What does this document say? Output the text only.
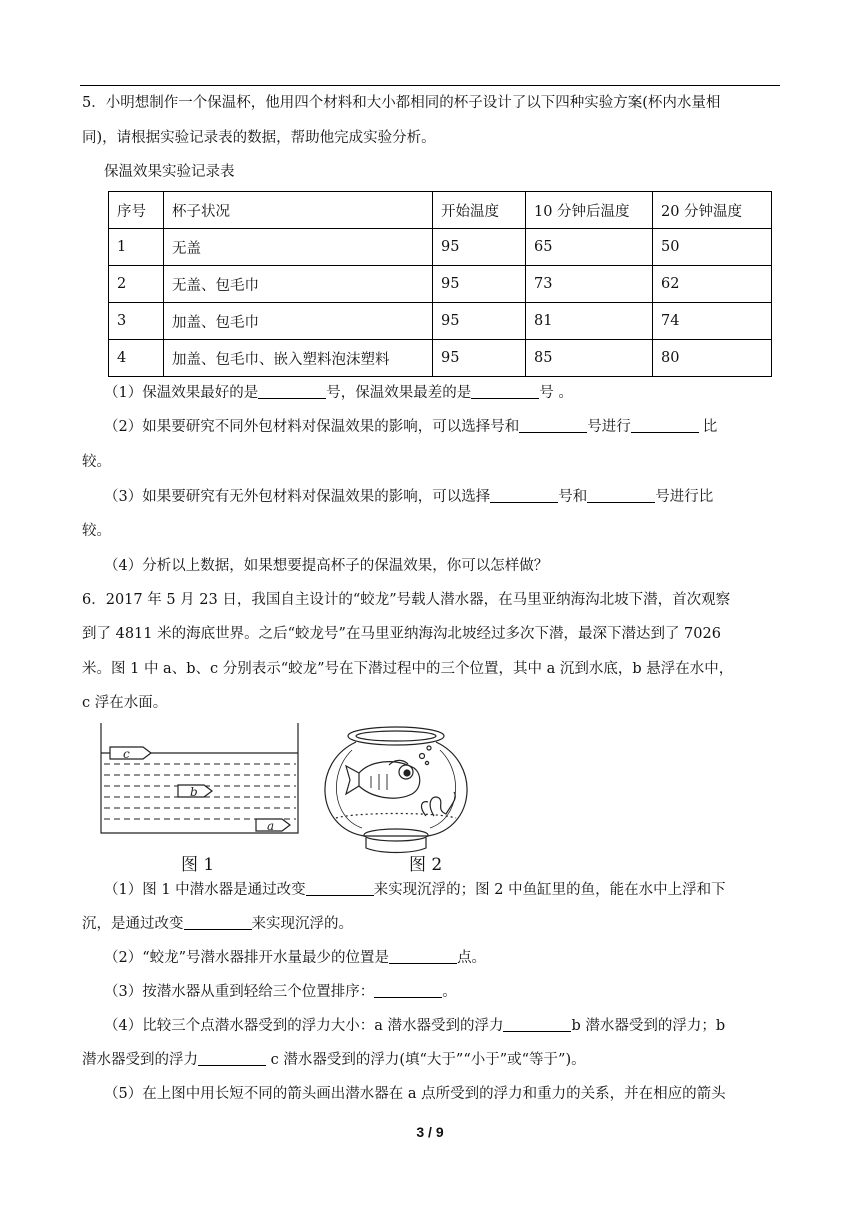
5．小明想制作一个保温杯，他用四个材料和大小都相同的杯子设计了以下四种实验方案(杯内水量相
同)，请根据实验记录表的数据，帮助他完成实验分析。
保温效果实验记录表
序号	杯子状况	开始温度	10 分钟后温度	20 分钟温度
1	无盖	95	65	50
2	无盖、包毛巾	95	73	62
3	加盖、包毛巾	95	81	74
4	加盖、包毛巾、嵌入塑料泡沫塑料	95	85	80
（1）保温效果最好的是	号，保温效果最差的是	号 。
（2）如果要研究不同外包材料对保温效果的影响，可以选择号和	号进行	比
较。
（3）如果要研究有无外包材料对保温效果的影响，可以选择	号和	号进行比
较。
（4）分析以上数据，如果想要提高杯子的保温效果，你可以怎样做？
6．2017 年 5 月 23 日，我国自主设计的“蛟龙”号载人潜水器，在马里亚纳海沟北坡下潜，首次观察
到了 4811 米的海底世界。之后“蛟龙号”在马里亚纳海沟北坡经过多次下潜，最深下潜达到了 7026
米。图 1 中 a、b、c 分别表示“蛟龙”号在下潜过程中的三个位置，其中 a 沉到水底，b 悬浮在水中，
c 浮在水面。
c
b
a
图 1	图 2
（1）图 1 中潜水器是通过改变	来实现沉浮的；图 2 中鱼缸里的鱼，能在水中上浮和下
沉，是通过改变	来实现沉浮的。
（2）“蛟龙”号潜水器排开水量最少的位置是	点。
（3）按潜水器从重到轻给三个位置排序：	。
（4）比较三个点潜水器受到的浮力大小：a 潜水器受到的浮力	b 潜水器受到的浮力；b
潜水器受到的浮力	c 潜水器受到的浮力(填“大于”“小于”或“等于”)。
（5）在上图中用长短不同的箭头画出潜水器在 a 点所受到的浮力和重力的关系，并在相应的箭头
3 / 9
